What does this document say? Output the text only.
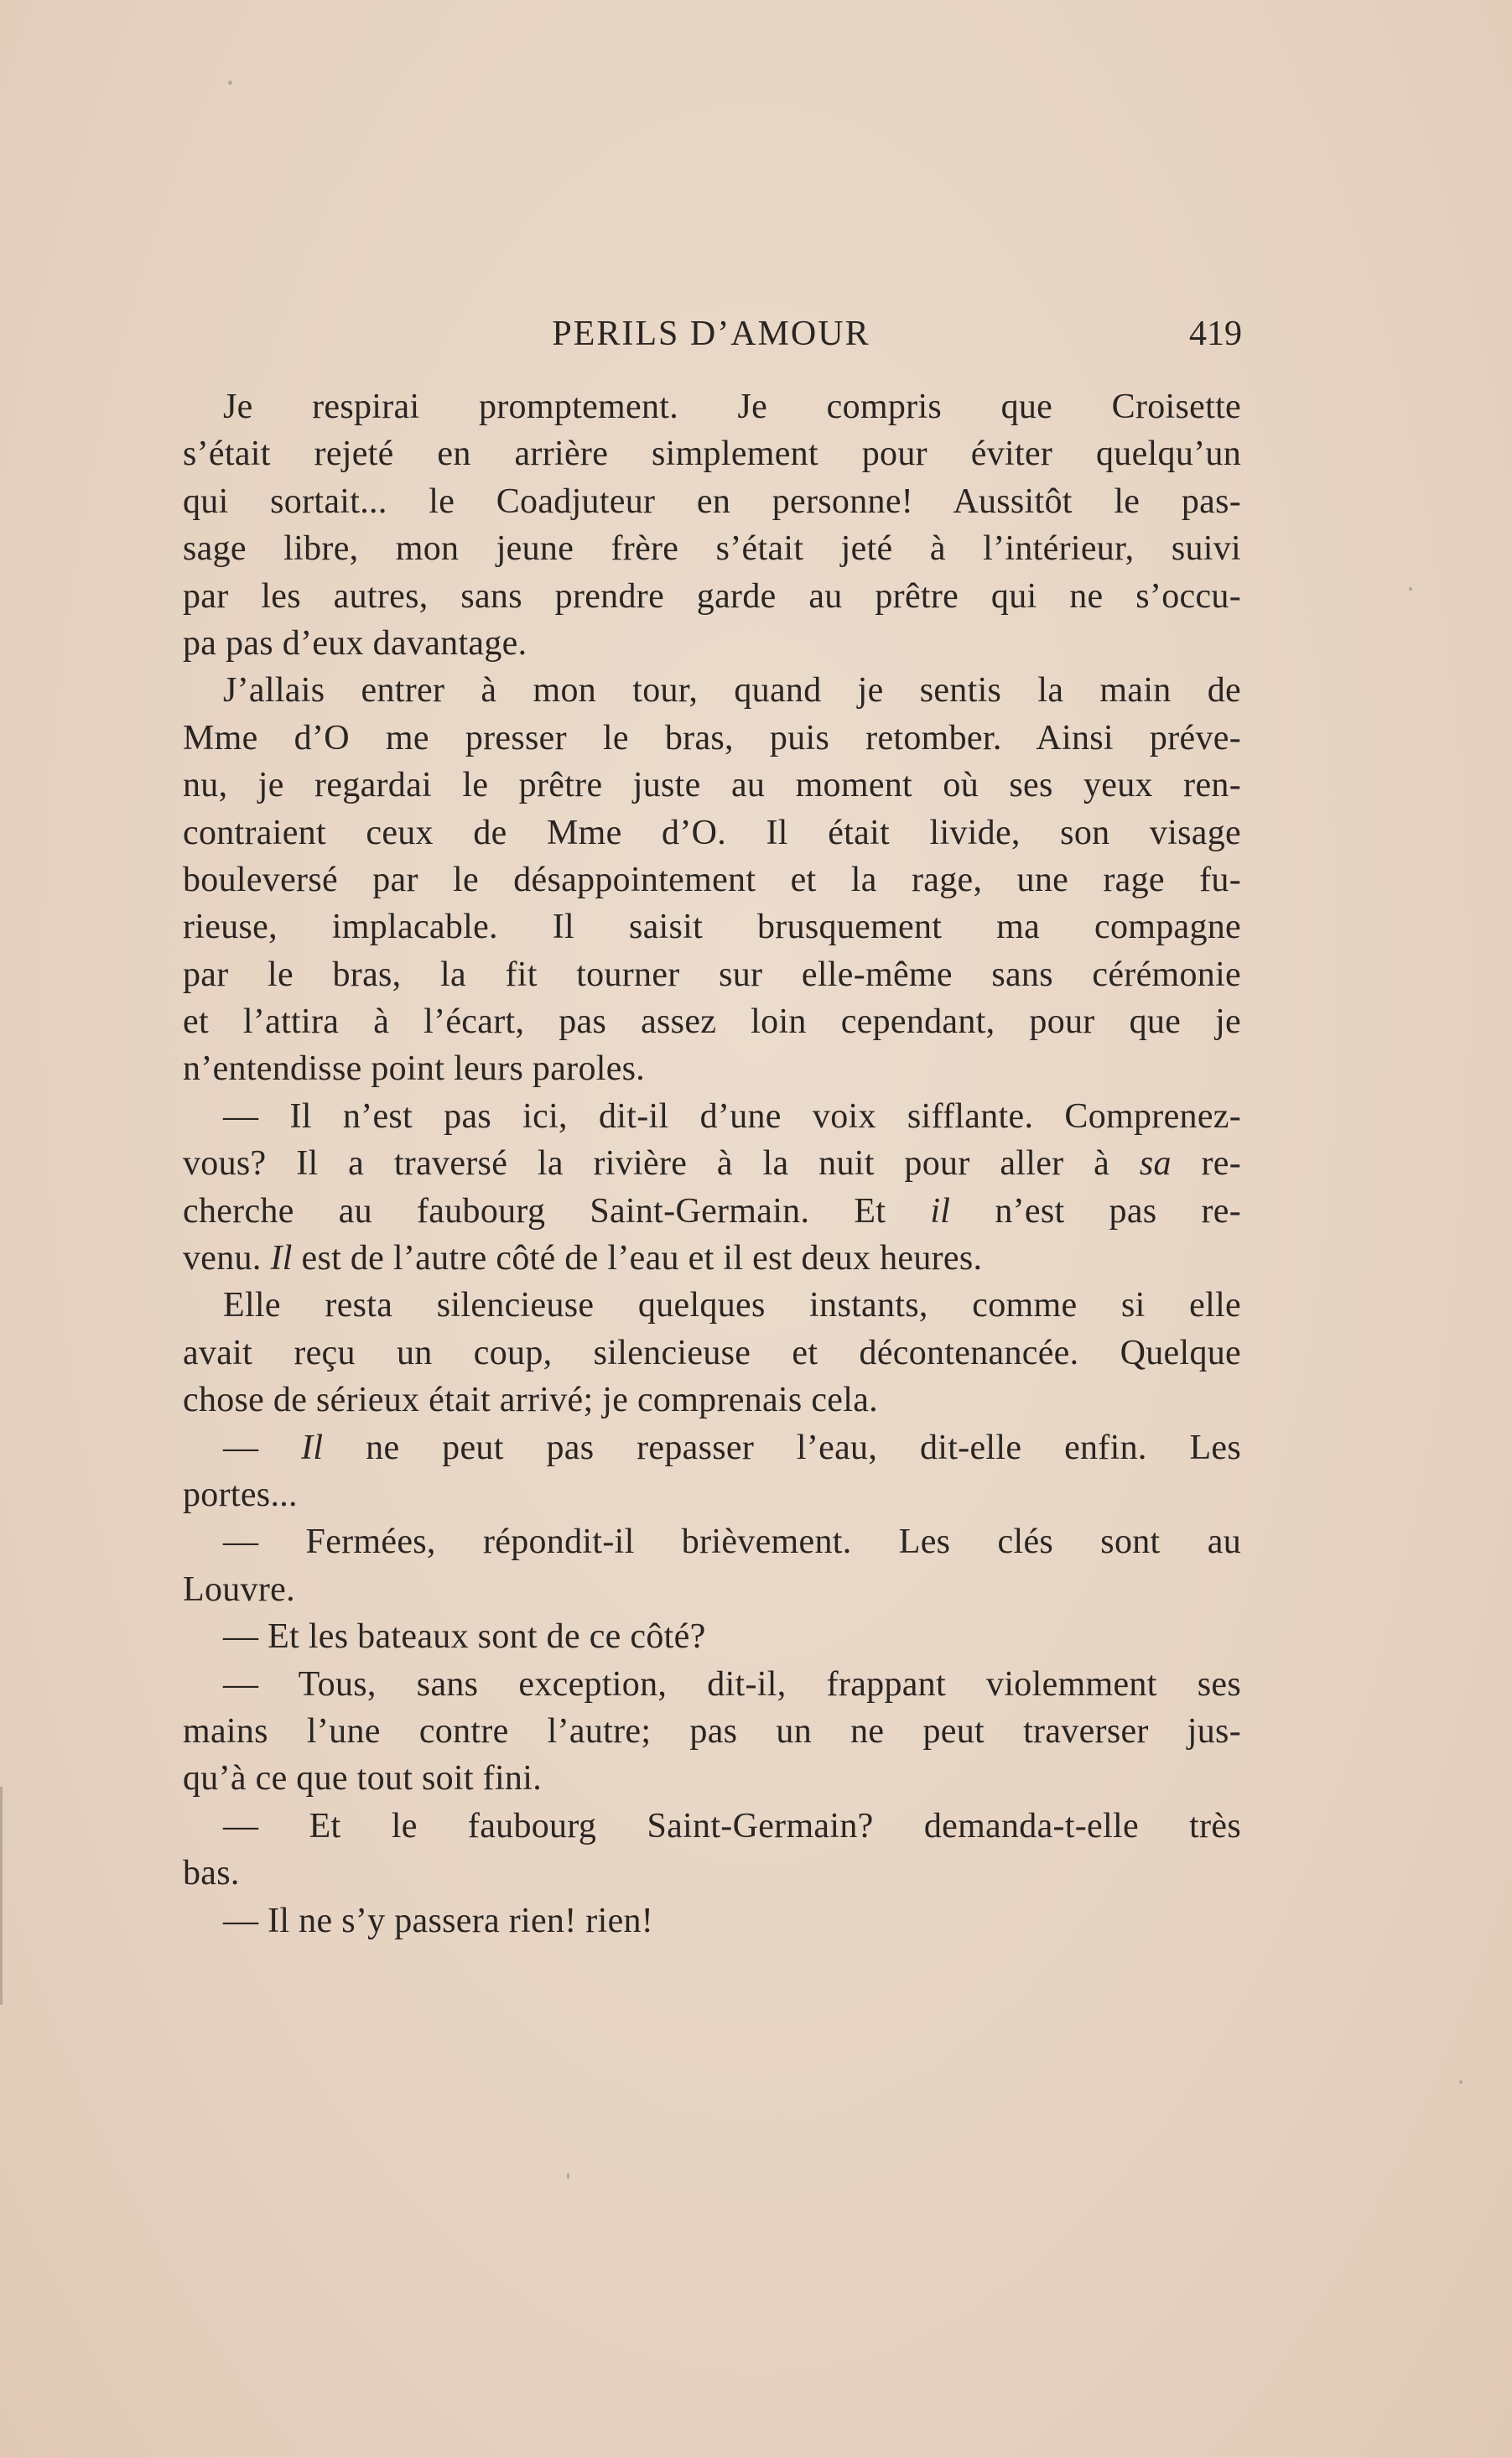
PERILS D’AMOUR	419
Je respirai promptement. Je compris que Croisette
s’était rejeté en arrière simplement pour éviter quelqu’un
qui sortait... le Coadjuteur en personne! Aussitôt le pas-
sage libre, mon jeune frère s’était jeté à l’intérieur, suivi
par les autres, sans prendre garde au prêtre qui ne s’occu-
pa pas d’eux davantage.
J’allais entrer à mon tour, quand je sentis la main de
Mme d’O me presser le bras, puis retomber. Ainsi préve-
nu, je regardai le prêtre juste au moment où ses yeux ren-
contraient ceux de Mme d’O. Il était livide, son visage
bouleversé par le désappointement et la rage, une rage fu-
rieuse, implacable. Il saisit brusquement ma compagne
par le bras, la fit tourner sur elle-même sans cérémonie
et l’attira à l’écart, pas assez loin cependant, pour que je
n’entendisse point leurs paroles.
— Il n’est pas ici, dit-il d’une voix sifflante. Comprenez-
vous? Il a traversé la rivière à la nuit pour aller à sa re-
cherche au faubourg Saint-Germain. Et il n’est pas re-
venu. Il est de l’autre côté de l’eau et il est deux heures.
Elle resta silencieuse quelques instants, comme si elle
avait reçu un coup, silencieuse et décontenancée. Quelque
chose de sérieux était arrivé; je comprenais cela.
— Il ne peut pas repasser l’eau, dit-elle enfin. Les
portes...
— Fermées, répondit-il brièvement. Les clés sont au
Louvre.
— Et les bateaux sont de ce côté?
— Tous, sans exception, dit-il, frappant violemment ses
mains l’une contre l’autre; pas un ne peut traverser jus-
qu’à ce que tout soit fini.
— Et le faubourg Saint-Germain? demanda-t-elle très
bas.
— Il ne s’y passera rien! rien!
